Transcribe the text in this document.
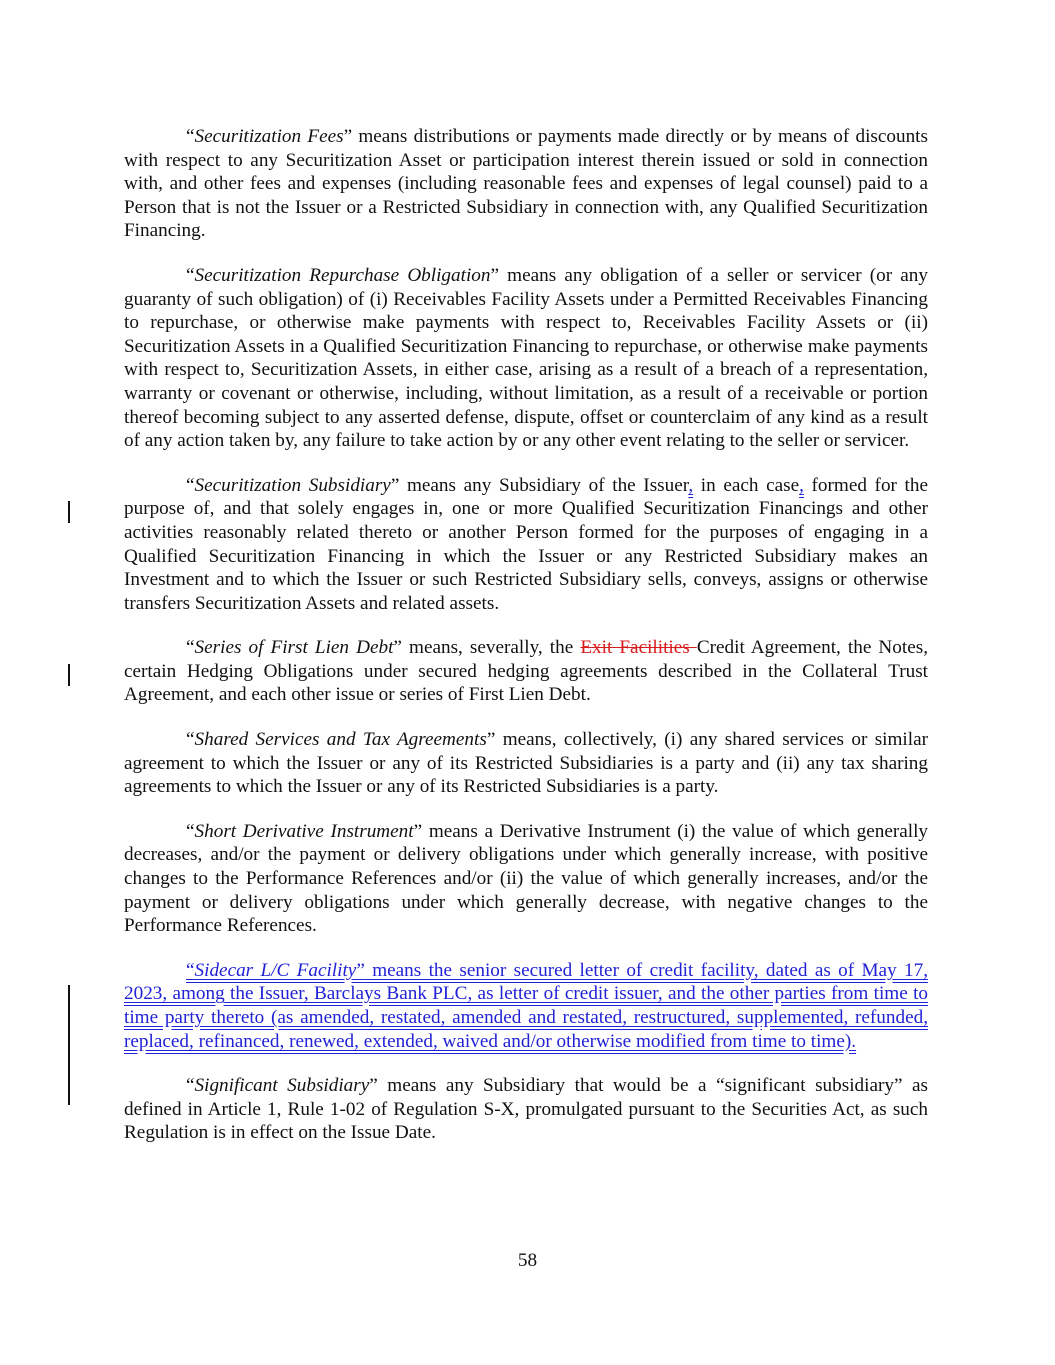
“Securitization Fees” means distributions or payments made directly or by means of discounts with respect to any Securitization Asset or participation interest therein issued or sold in connection with, and other fees and expenses (including reasonable fees and expenses of legal counsel) paid to a Person that is not the Issuer or a Restricted Subsidiary in connection with, any Qualified Securitization Financing.

“Securitization Repurchase Obligation” means any obligation of a seller or servicer (or any guaranty of such obligation) of (i) Receivables Facility Assets under a Permitted Receivables Financing to repurchase, or otherwise make payments with respect to, Receivables Facility Assets or (ii) Securitization Assets in a Qualified Securitization Financing to repurchase, or otherwise make payments with respect to, Securitization Assets, in either case, arising as a result of a breach of a representation, warranty or covenant or otherwise, including, without limitation, as a result of a receivable or portion thereof becoming subject to any asserted defense, dispute, offset or counterclaim of any kind as a result of any action taken by, any failure to take action by or any other event relating to the seller or servicer.

“Securitization Subsidiary” means any Subsidiary of the Issuer, in each case, formed for the purpose of, and that solely engages in, one or more Qualified Securitization Financings and other activities reasonably related thereto or another Person formed for the purposes of engaging in a Qualified Securitization Financing in which the Issuer or any Restricted Subsidiary makes an Investment and to which the Issuer or such Restricted Subsidiary sells, conveys, assigns or otherwise transfers Securitization Assets and related assets.

“Series of First Lien Debt” means, severally, the Exit Facilities Credit Agreement, the Notes, certain Hedging Obligations under secured hedging agreements described in the Collateral Trust Agreement, and each other issue or series of First Lien Debt.

“Shared Services and Tax Agreements” means, collectively, (i) any shared services or similar agreement to which the Issuer or any of its Restricted Subsidiaries is a party and (ii) any tax sharing agreements to which the Issuer or any of its Restricted Subsidiaries is a party.

“Short Derivative Instrument” means a Derivative Instrument (i) the value of which generally decreases, and/or the payment or delivery obligations under which generally increase, with positive changes to the Performance References and/or (ii) the value of which generally increases, and/or the payment or delivery obligations under which generally decrease, with negative changes to the Performance References.

“Sidecar L/C Facility” means the senior secured letter of credit facility, dated as of May 17, 2023, among the Issuer, Barclays Bank PLC, as letter of credit issuer, and the other parties from time to time party thereto (as amended, restated, amended and restated, restructured, supplemented, refunded, replaced, refinanced, renewed, extended, waived and/or otherwise modified from time to time).

“Significant Subsidiary” means any Subsidiary that would be a “significant subsidiary” as defined in Article 1, Rule 1-02 of Regulation S-X, promulgated pursuant to the Securities Act, as such Regulation is in effect on the Issue Date.

58
